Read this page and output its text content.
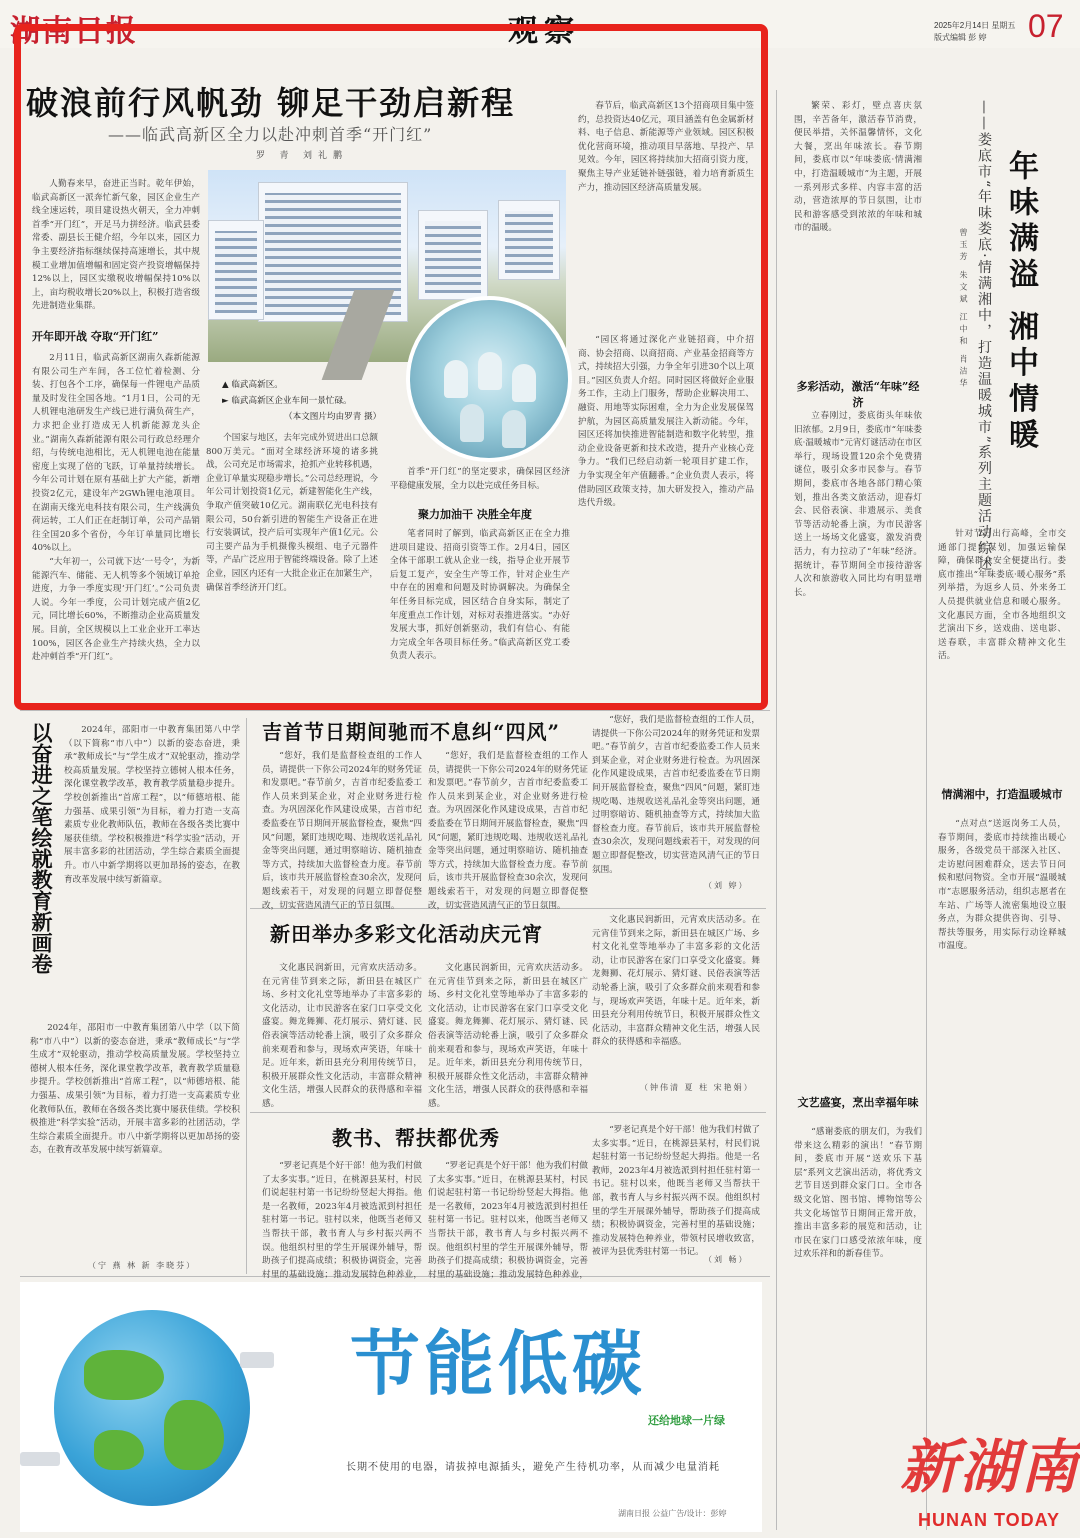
湖南日报	观察	2025年2月14日 星期五
版式编辑 彭 婷 07
破浪前行风帆劲 铆足干劲启新程
——临武高新区全力以赴冲刺首季“开门红”
罗 青 刘礼鹏

人勤春来早，奋进正当时。乾年伊始，临武高新区一派奔忙新气象，园区企业生产线全速运转，项目建设热火朝天，全力冲刺首季“开门红”，开足马力拼经济。临武县委常委、副县长王健介绍，今年以来，园区力争主要经济指标继续保持高速增长，其中规模工业增加值增幅和固定资产投资增幅保持12%以上，园区实缴税收增幅保持10%以上，亩均税收增长20%以上，积极打造省级先进制造业集群。

开年即开战 夺取“开门红”

2月11日，临武高新区湖南久森新能源有限公司生产车间，各工位忙着检测、分装、打包各个工序，确保每一件锂电产品质量及时发往全国各地。“1月1日，公司的无人机锂电池研发生产线已进行满负荷生产，力求把企业打造成无人机新能源龙头企业。”湖南久森新能源有限公司行政总经理介绍，与传统电池相比，无人机锂电池在能量密度上实现了倍的飞跃，订单量持续增长。今年公司计划在原有基础上扩大产能，新增投资2亿元，建设年产2GWh锂电池项目。在湖南天缘光电科技有限公司，生产线满负荷运转，工人们正在赶制订单，公司产品销往全国20多个省份，今年订单量同比增长40%以上。

“大年初一，公司就下达‘一号令’，为新能源汽车、储能、无人机等多个领域订单抢进度，力争一季度实现‘开门红’。”公司负责人说。今年一季度，公司计划完成产值2亿元，同比增长60%，不断推动企业高质量发展。目前，全区规模以上工业企业开工率达100%，园区各企业生产持续火热，全力以赴冲刺首季“开门红”。

▲ 临武高新区。
► 临武高新区企业车间一景忙碌。
（本文图片均由罗青 摄）

个国家与地区，去年完成外贸进出口总额800万美元。“面对全球经济环境的诸多挑战，公司充足市场需求，抢抓产业转移机遇，企业订单量实现稳步增长。”公司总经理说，今年公司计划投资1亿元，新建智能化生产线，争取产值突破10亿元。湖南联亿光电科技有限公司，50台新引进的智能生产设备正在进行安装调试，投产后可实现年产值1亿元。公司主要产品为手机摄像头模组、电子元器件等，产品广泛应用于智能终端设备。除了上述企业，园区内还有一大批企业正在加紧生产，确保首季经济开门红。

首季“开门红”的坚定要求，确保园区经济平稳健康发展，全力以赴完成任务目标。

聚力加油干 决胜全年度

笔者同时了解到，临武高新区正在全力推进项目建设、招商引资等工作。2月4日，园区全体干部职工就从企业一线，指导企业开展节后复工复产，安全生产等工作，针对企业生产中存在的困难和问题及时协调解决。为确保全年任务目标完成，园区结合自身实际，制定了年度重点工作计划，对标对表推进落实。“办好发展大事，抓好创新驱动，我们有信心、有能力完成全年各项目标任务。”临武高新区党工委负责人表示。

春节后，临武高新区13个招商项目集中签约，总投资达40亿元，项目涵盖有色金属新材料、电子信息、新能源等产业领域。园区积极优化营商环境，推动项目早落地、早投产、早见效。今年，园区将持续加大招商引资力度，聚焦主导产业延链补链强链，着力培育新质生产力，推动园区经济高质量发展。

“园区将通过深化产业链招商，中介招商、协会招商、以商招商、产业基金招商等方式，持续招大引强，力争全年引进30个以上项目。”园区负责人介绍。同时园区将做好企业服务工作，主动上门服务，帮助企业解决用工、融资、用地等实际困难，全力为企业发展保驾护航，为园区高质量发展注入新动能。今年，园区还将加快推进智能制造和数字化转型，推动企业设备更新和技术改造，提升产业核心竞争力。“我们已经启动新一轮项目扩建工作，力争实现全年产值翻番。”企业负责人表示，将借助园区政策支持，加大研发投入，推动产品迭代升级。

以奋进之笔绘就教育新画卷	2024年，邵阳市一中教育集团第八中学（以下简称“市八中”）以新的姿态奋进，秉承“教师成长”与“学生成才”双轮驱动，推动学校高质量发展。学校坚持立德树人根本任务，深化课堂教学改革，教育教学质量稳步提升。学校创新推出“首席工程”，以“师德培根、能力强基、成果引领”为目标，着力打造一支高素质专业化教师队伍，教师在各级各类比赛中屡获佳绩。学校积极推进“科学实验”活动，开展丰富多彩的社团活动，学生综合素质全面提升。市八中新学期将以更加昂扬的姿态，在教育改革发展中续写新篇章。

2024年，邵阳市一中教育集团第八中学（以下简称“市八中”）以新的姿态奋进，秉承“教师成长”与“学生成才”双轮驱动，推动学校高质量发展。学校坚持立德树人根本任务，深化课堂教学改革，教育教学质量稳步提升。学校创新推出“首席工程”，以“师德培根、能力强基、成果引领”为目标，着力打造一支高素质专业化教师队伍，教师在各级各类比赛中屡获佳绩。学校积极推进“科学实验”活动，开展丰富多彩的社团活动，学生综合素质全面提升。市八中新学期将以更加昂扬的姿态，在教育改革发展中续写新篇章。

（宁 燕 林 新 李晓芬）
吉首节日期间驰而不息纠“四风”

“您好，我们是监督检查组的工作人员，请提供一下你公司2024年的财务凭证和发票吧。”春节前夕，吉首市纪委监委工作人员来到某企业，对企业财务进行检查。为巩固深化作风建设成果，吉首市纪委监委在节日期间开展监督检查，聚焦“四风”问题，紧盯违规吃喝、违规收送礼品礼金等突出问题，通过明察暗访、随机抽查等方式，持续加大监督检查力度。春节前后，该市共开展监督检查30余次，发现问题线索若干，对发现的问题立即督促整改，切实营造风清气正的节日氛围。

“您好，我们是监督检查组的工作人员，请提供一下你公司2024年的财务凭证和发票吧。”春节前夕，吉首市纪委监委工作人员来到某企业，对企业财务进行检查。为巩固深化作风建设成果，吉首市纪委监委在节日期间开展监督检查，聚焦“四风”问题，紧盯违规吃喝、违规收送礼品礼金等突出问题，通过明察暗访、随机抽查等方式，持续加大监督检查力度。春节前后，该市共开展监督检查30余次，发现问题线索若干，对发现的问题立即督促整改，切实营造风清气正的节日氛围。

“您好，我们是监督检查组的工作人员，请提供一下你公司2024年的财务凭证和发票吧。”春节前夕，吉首市纪委监委工作人员来到某企业，对企业财务进行检查。为巩固深化作风建设成果，吉首市纪委监委在节日期间开展监督检查，聚焦“四风”问题，紧盯违规吃喝、违规收送礼品礼金等突出问题，通过明察暗访、随机抽查等方式，持续加大监督检查力度。春节前后，该市共开展监督检查30余次，发现问题线索若干，对发现的问题立即督促整改，切实营造风清气正的节日氛围。

（刘 婷）
新田举办多彩文化活动庆元宵

文化惠民润新田，元宵欢庆活动多。在元宵佳节到来之际，新田县在城区广场、乡村文化礼堂等地举办了丰富多彩的文化活动，让市民游客在家门口享受文化盛宴。舞龙舞狮、花灯展示、猜灯谜、民俗表演等活动轮番上演，吸引了众多群众前来观看和参与，现场欢声笑语，年味十足。近年来，新田县充分利用传统节日，积极开展群众性文化活动，丰富群众精神文化生活，增强人民群众的获得感和幸福感。

文化惠民润新田，元宵欢庆活动多。在元宵佳节到来之际，新田县在城区广场、乡村文化礼堂等地举办了丰富多彩的文化活动，让市民游客在家门口享受文化盛宴。舞龙舞狮、花灯展示、猜灯谜、民俗表演等活动轮番上演，吸引了众多群众前来观看和参与，现场欢声笑语，年味十足。近年来，新田县充分利用传统节日，积极开展群众性文化活动，丰富群众精神文化生活，增强人民群众的获得感和幸福感。

文化惠民润新田，元宵欢庆活动多。在元宵佳节到来之际，新田县在城区广场、乡村文化礼堂等地举办了丰富多彩的文化活动，让市民游客在家门口享受文化盛宴。舞龙舞狮、花灯展示、猜灯谜、民俗表演等活动轮番上演，吸引了众多群众前来观看和参与，现场欢声笑语，年味十足。近年来，新田县充分利用传统节日，积极开展群众性文化活动，丰富群众精神文化生活，增强人民群众的获得感和幸福感。

（钟伟清 夏 柱 宋艳娟）
教书、帮扶都优秀

“罗老记真是个好干部！他为我们村做了太多实事。”近日，在桃源县某村，村民们说起驻村第一书记纷纷竖起大拇指。他是一名教师，2023年4月被选派到村担任驻村第一书记。驻村以来，他既当老师又当帮扶干部，教书育人与乡村振兴两不误。他组织村里的学生开展课外辅导，帮助孩子们提高成绩；积极协调资金，完善村里的基础设施；推动发展特色种养业，

“罗老记真是个好干部！他为我们村做了太多实事。”近日，在桃源县某村，村民们说起驻村第一书记纷纷竖起大拇指。他是一名教师，2023年4月被选派到村担任驻村第一书记。驻村以来，他既当老师又当帮扶干部，教书育人与乡村振兴两不误。他组织村里的学生开展课外辅导，帮助孩子们提高成绩；积极协调资金，完善村里的基础设施；推动发展特色种养业，

“罗老记真是个好干部！他为我们村做了太多实事。”近日，在桃源县某村，村民们说起驻村第一书记纷纷竖起大拇指。他是一名教师，2023年4月被选派到村担任驻村第一书记。驻村以来，他既当老师又当帮扶干部，教书育人与乡村振兴两不误。他组织村里的学生开展课外辅导，帮助孩子们提高成绩；积极协调资金，完善村里的基础设施；推动发展特色种养业，带领村民增收致富，被评为县优秀驻村第一书记。

（刘 畅）
年味满溢 湘中情暖
——娄底市“年味娄底·情满湘中，打造温暖城市”系列主题活动综述
曾玉芳 朱文斌 江中和 肖洁华

繁荣、彩灯，壁点喜庆氛围，辛苦备年，激活春节消费，便民举措，关怀温馨情怀，文化大餐，烹出年味浓长。春节期间，娄底市以“年味娄底·情满湘中，打造温暖城市”为主题，开展一系列形式多样、内容丰富的活动，营造浓厚的节日氛围，让市民和游客感受到浓浓的年味和城市的温暖。

多彩活动，激活“年味”经济

立春刚过，娄底街头年味依旧浓郁。2月9日，娄底市“年味娄底·温暖城市”元宵灯谜活动在市区举行，现场设置120余个免费猜谜位，吸引众多市民参与。春节期间，娄底市各地各部门精心策划，推出各类文旅活动，迎春灯会、民俗表演、非遗展示、美食节等活动轮番上演，为市民游客送上一场场文化盛宴，激发消费活力，有力拉动了“年味”经济。据统计，春节期间全市接待游客人次和旅游收入同比均有明显增长。

针对节日出行高峰，全市交通部门提前谋划，加强运输保障，确保群众安全便捷出行。娄底市推出“年味娄底·暖心服务”系列举措，为返乡人员、外来务工人员提供就业信息和暖心服务。文化惠民方面，全市各地组织文艺演出下乡，送戏曲、送电影、送春联，丰富群众精神文化生活。

情满湘中，打造温暖城市

“点对点”送返岗务工人员，春节期间，娄底市持续推出暖心服务，各级党员干部深入社区、走访慰问困难群众，送去节日问候和慰问物资。全市开展“温暖城市”志愿服务活动，组织志愿者在车站、广场等人流密集地设立服务点，为群众提供咨询、引导、帮扶等服务，用实际行动诠释城市温度。

文艺盛宴，烹出幸福年味

“感谢娄底的朋友们，为我们带来这么精彩的演出！”春节期间，娄底市开展“送欢乐下基层”系列文艺演出活动，将优秀文艺节目送到群众家门口。全市各级文化馆、图书馆、博物馆等公共文化场馆节日期间正常开放，推出丰富多彩的展览和活动，让市民在家门口感受浓浓年味，度过欢乐祥和的新春佳节。

节能低碳
还给地球一片绿
长期不使用的电器，请拔掉电源插头，避免产生待机功率，从而减少电量消耗
湖南日报 公益广告/设计：彭婷
新湖南
HUNAN TODAY
